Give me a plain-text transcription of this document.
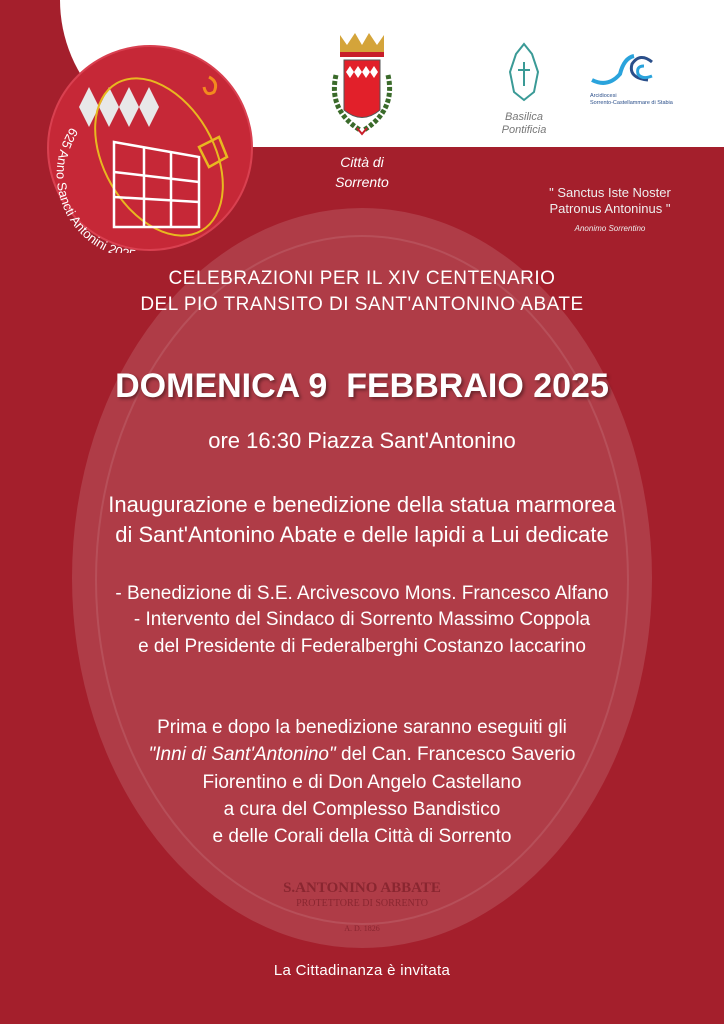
S.ANTONINO ABBATE
PROTETTORE DI SORRENTO
A. D. 1826
625 Anno Sancti Antonini 20
Città di
Sorrento
Basilica
Pontificia
Arcidiocesi
Sorrento-Castellammare di Stabia
" Sanctus Iste Noster
Patronus Antoninus "
Anonimo Sorrentino
CELEBRAZIONI PER IL XIV CENTENARIO
DEL PIO TRANSITO DI SANT'ANTONINO ABATE
DOMENICA 9  FEBBRAIO 2025
ore 16:30 Piazza Sant'Antonino
Inaugurazione e benedizione della statua marmorea
di Sant'Antonino Abate e delle lapidi a Lui dedicate
- Benedizione di S.E. Arcivescovo Mons. Francesco Alfano
- Intervento del Sindaco di Sorrento Massimo Coppola
e del Presidente di Federalberghi Costanzo Iaccarino
Prima e dopo la benedizione saranno eseguiti gli
"Inni di Sant'Antonino" del Can. Francesco Saverio
Fiorentino e di Don Angelo Castellano
a cura del Complesso Bandistico
e delle Corali della Città di Sorrento
La Cittadinanza è invitata
